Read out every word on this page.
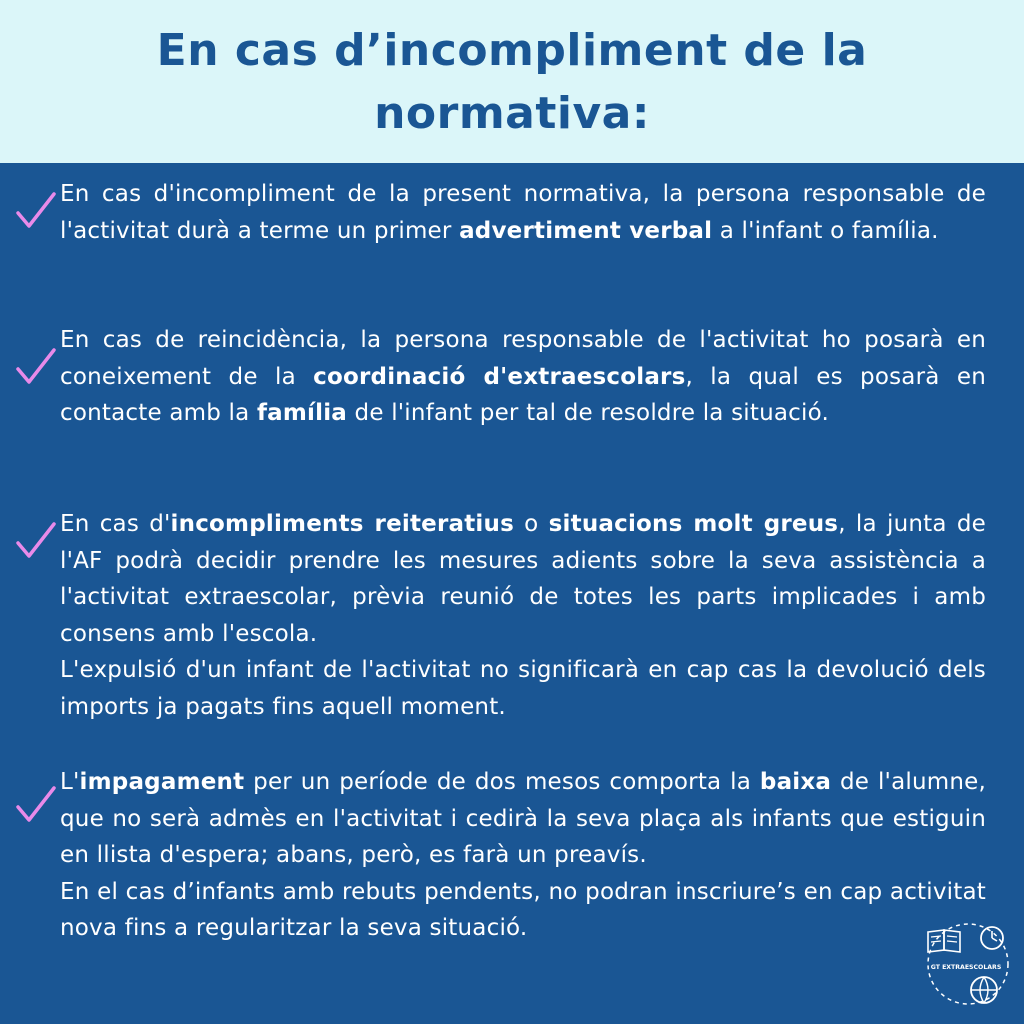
En cas d’incompliment de la normativa:

En cas d'incompliment de la present normativa, la persona responsable de l'activitat durà a terme un primer advertiment verbal a l'infant o família.

En cas de reincidència, la persona responsable de l'activitat ho posarà en coneixement de la coordinació d'extraescolars, la qual es posarà en contacte amb la família de l'infant per tal de resoldre la situació.

En cas d'incompliments reiteratius o situacions molt greus, la junta de l'AF podrà decidir prendre les mesures adients sobre la seva assistència a l'activitat extraescolar, prèvia reunió de totes les parts implicades i amb consens amb l'escola.
L'expulsió d'un infant de l'activitat no significarà en cap cas la devolució dels imports ja pagats fins aquell moment.

L'impagament per un període de dos mesos comporta la baixa de l'alumne, que no serà admès en l'activitat i cedirà la seva plaça als infants que estiguin en llista d'espera; abans, però, es farà un preavís.
En el cas d’infants amb rebuts pendents, no podran inscriure’s en cap activitat nova fins a regularitzar la seva situació.

GT EXTRAESCOLARS
